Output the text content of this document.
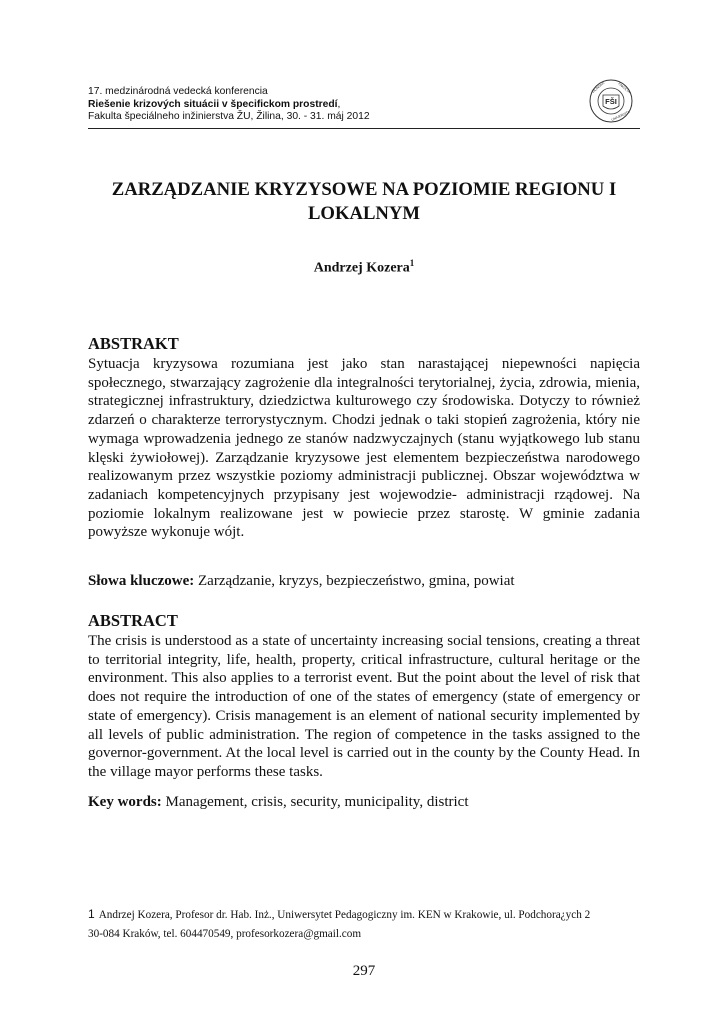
17. medzinárodná vedecká konferencia
Riešenie krizových situácii v špecifickom prostredí,
Fakulta špeciálneho inžinierstva ŽU, Žilina, 30. - 31. máj 2012
FŠI
ŽILINSKÁ	FAKULTA
UNIVERZITA
ZARZĄDZANIE KRYZYSOWE NA POZIOMIE REGIONU I
LOKALNYM
Andrzej Kozera$^1$
ABSTRAKT
Sytuacja kryzysowa rozumiana jest jako stan narastającej niepewności napięcia społecznego, stwarzający zagrożenie dla integralności terytorialnej, życia, zdrowia, mienia, strategicznej infrastruktury, dziedzictwa kulturowego czy środowiska. Dotyczy to również zdarzeń o charakterze terrorystycznym. Chodzi jednak o taki stopień zagrożenia, który nie wymaga wprowadzenia jednego ze stanów nadzwyczajnych (stanu wyjątkowego lub stanu klęski żywiołowej). Zarządzanie kryzysowe jest elementem bezpieczeństwa narodowego realizowanym przez wszystkie poziomy administracji publicznej. Obszar województwa w zadaniach kompetencyjnych przypisany jest wojewodzie- administracji rządowej. Na poziomie lokalnym realizowane jest w powiecie przez starostę. W gminie zadania powyższe wykonuje wójt.
Słowa kluczowe: Zarządzanie, kryzys, bezpieczeństwo, gmina, powiat
ABSTRACT
The crisis is understood as a state of uncertainty increasing social tensions, creating a threat to territorial integrity, life, health, property, critical infrastructure, cultural heritage or the environment. This also applies to a terrorist event. But the point about the level of risk that does not require the introduction of one of the states of emergency (state of emergency or state of emergency). Crisis management is an element of national security implemented by all levels of public administration. The region of competence in the tasks assigned to the governor-government. At the local level is carried out in the county by the County Head. In the village mayor performs these tasks.
Key words: Management, crisis, security, municipality, district
1 Andrzej Kozera, Profesor dr. Hab. Inż., Uniwersytet Pedagogiczny im. KEN w Krakowie, ul. Podchora¿ych 2
30-084 Kraków, tel. 604470549, profesorkozera@gmail.com
297
